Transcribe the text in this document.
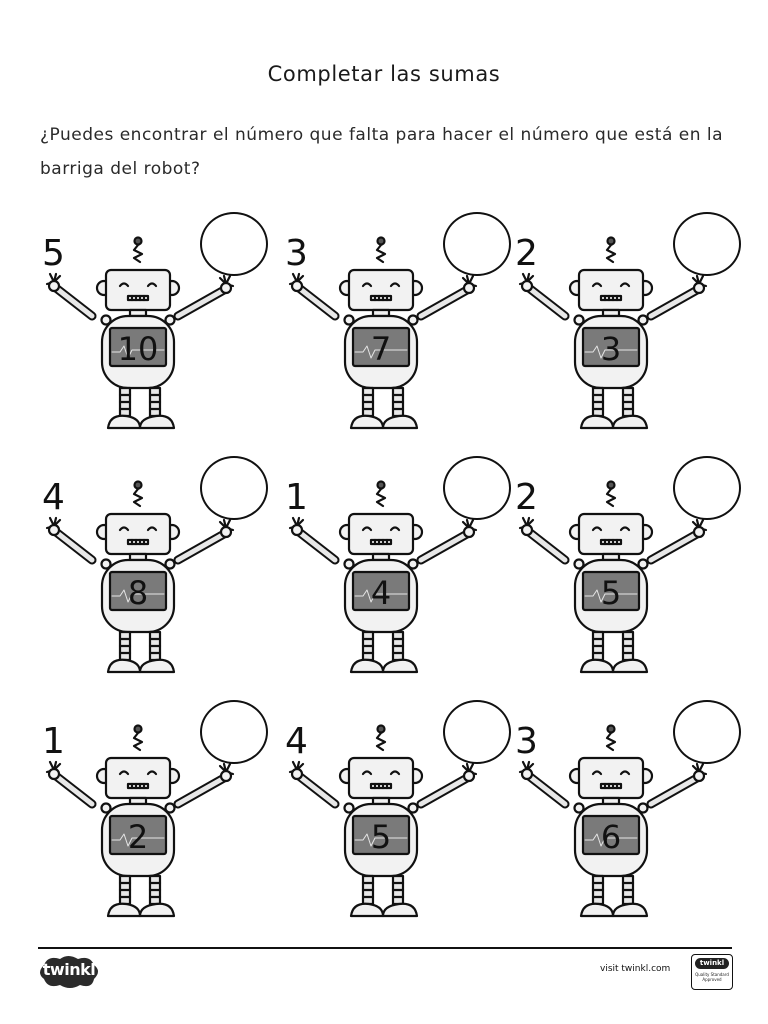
Completar las sumas
¿Puedes encontrar el número que falta para hacer el número que está en la barriga del robot?
5
10
3
7
2
3
4
8
1
4
2
5
1
2
4
5
3
6
twinkl	visit twinkl.com
twinkl
Quality Standard Approved
